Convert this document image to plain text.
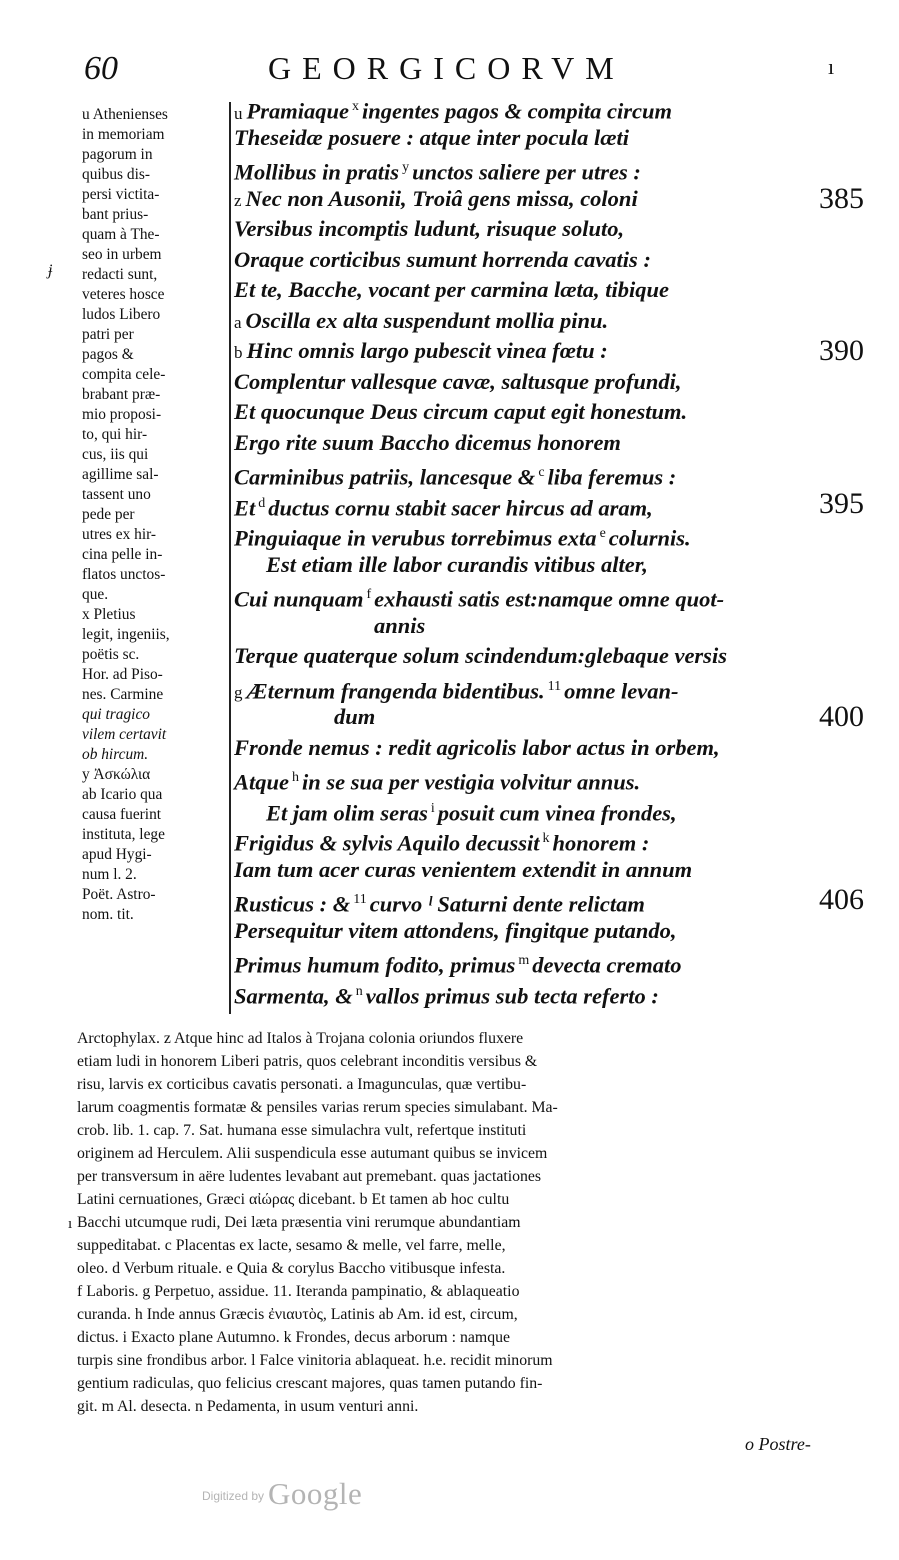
60	GEORGICORVM	ı
ɉ
u Athenienses
in memoriam
pagorum in
quibus dis-
persi victita-
bant prius-
quam à The-
seo in urbem
redacti sunt,
veteres hosce
ludos Libero
patri per
pagos &
compita cele-
brabant præ-
mio proposi-
to, qui hir-
cus, iis qui
agillime sal-
tassent uno
pede per
utres ex hir-
cina pelle in-
flatos unctos-
que.
x Pletius
legit, ingeniis,
poëtis sc.
Hor. ad Piso-
nes. Carmine
qui tragico
vilem certavit
ob hircum.
y Ἀσκώλια
ab Icario qua
causa fuerint
instituta, lege
apud Hygi-
num l. 2.
Poët. Astro-
nom. tit.
u Pramiaque $^x$ ingentes pagos & compita circum
Theseidæ posuere : atque inter pocula læti
Mollibus in pratis $^y$ unctos saliere per utres :
z Nec non Ausonii, Troiâ gens missa, coloni	385
Versibus incomptis ludunt, risuque soluto,
Oraque corticibus sumunt horrenda cavatis :
Et te, Bacche, vocant per carmina læta, tibique
a Oscilla ex alta suspendunt mollia pinu.
b Hinc omnis largo pubescit vinea fœtu :	390
Complentur vallesque cavæ, saltusque profundi,
Et quocunque Deus circum caput egit honestum.
Ergo rite suum Baccho dicemus honorem
Carminibus patriis, lancesque & $^c$ liba feremus :
Et $^d$ ductus cornu stabit sacer hircus ad aram,	395
Pinguiaque in verubus torrebimus exta $^e$ colurnis.
Est etiam ille labor curandis vitibus alter,
Cui nunquam $^f$ exhausti satis est:namque omne quot-
annis
Terque quaterque solum scindendum:glebaque versis
g Æternum frangenda bidentibus. $^{11}$ omne levan-
dum	400
Fronde nemus : redit agricolis labor actus in orbem,
Atque $^h$ in se sua per vestigia volvitur annus.
Et jam olim seras $^i$ posuit cum vinea frondes,
Frigidus & sylvis Aquilo decussit $^k$ honorem :
Iam tum acer curas venientem extendit in annum
Rusticus : & $^{11}$ curvo ˡ Saturni dente relictam	406
Persequitur vitem attondens, fingitque putando,
Primus humum fodito, primus $^m$ devecta cremato
Sarmenta, & $^n$ vallos primus sub tecta referto :
Arctophylax. z Atque hinc ad Italos à Trojana colonia oriundos fluxere
etiam ludi in honorem Liberi patris, quos celebrant inconditis versibus &
risu, larvis ex corticibus cavatis personati. a Imagunculas, quæ vertibu-
larum coagmentis formatæ & pensiles varias rerum species simulabant. Ma-
crob. lib. 1. cap. 7. Sat. humana esse simulachra vult, refertque instituti
originem ad Herculem. Alii suspendicula esse autumant quibus se invicem
per transversum in aëre ludentes levabant aut premebant. quas jactationes
Latini cernuationes, Græci αἰώρας dicebant. b Et tamen ab hoc cultu
Bacchi utcumque rudi, Dei læta præsentia vini rerumque abundantiam
suppeditabat. c Placentas ex lacte, sesamo & melle, vel farre, melle,
oleo. d Verbum rituale. e Quia & corylus Baccho vitibusque infesta.
f Laboris. g Perpetuo, assidue. 11. Iteranda pampinatio, & ablaqueatio
curanda. h Inde annus Græcis ἐνιαυτὸς, Latinis ab Am. id est, circum,
dictus. i Exacto plane Autumno. k Frondes, decus arborum : namque
turpis sine frondibus arbor. l Falce vinitoria ablaqueat. h.e. recidit minorum
gentium radiculas, quo felicius crescant majores, quas tamen putando fin-
git. m Al. desecta. n Pedamenta, in usum venturi anni.
ı
o Postre-
$^{Digitized by}$ Google
